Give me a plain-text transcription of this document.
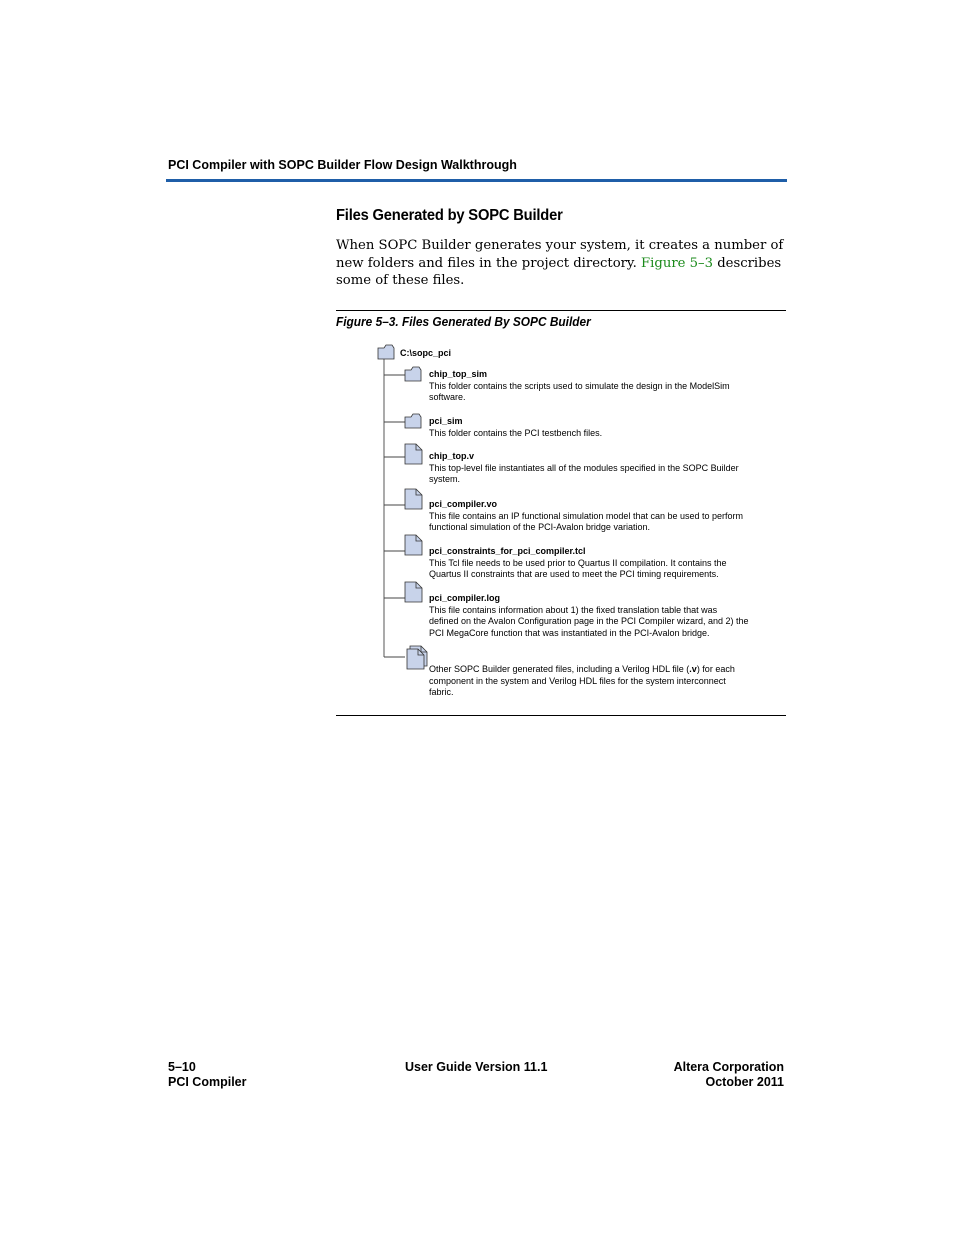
PCI Compiler with SOPC Builder Flow Design Walkthrough
Files Generated by SOPC Builder
When SOPC Builder generates your system, it creates a number of new folders and files in the project directory. Figure 5–3 describes some of these files.
Figure 5–3. Files Generated By SOPC Builder
C:\sopc_pci
chip_top_sim
This folder contains the scripts used to simulate the design in the ModelSim software.
pci_sim
This folder contains the PCI testbench files.
chip_top.v
This top-level file instantiates all of the modules specified in the SOPC Builder system.
pci_compiler.vo
This file contains an IP functional simulation model that can be used to perform functional simulation of the PCI-Avalon bridge variation.
pci_constraints_for_pci_compiler.tcl
This Tcl file needs to be used prior to Quartus II compilation. It contains the Quartus II constraints that are used to meet the PCI timing requirements.
pci_compiler.log
This file contains information about 1) the fixed translation table that was defined on the Avalon Configuration page in the PCI Compiler wizard, and 2) the PCI MegaCore function that was instantiated in the PCI-Avalon bridge.
Other SOPC Builder generated files, including a Verilog HDL file (.v) for each component in the system and Verilog HDL files for the system interconnect fabric.
5–10
PCI Compiler
User Guide Version 11.1	Altera Corporation
October 2011
